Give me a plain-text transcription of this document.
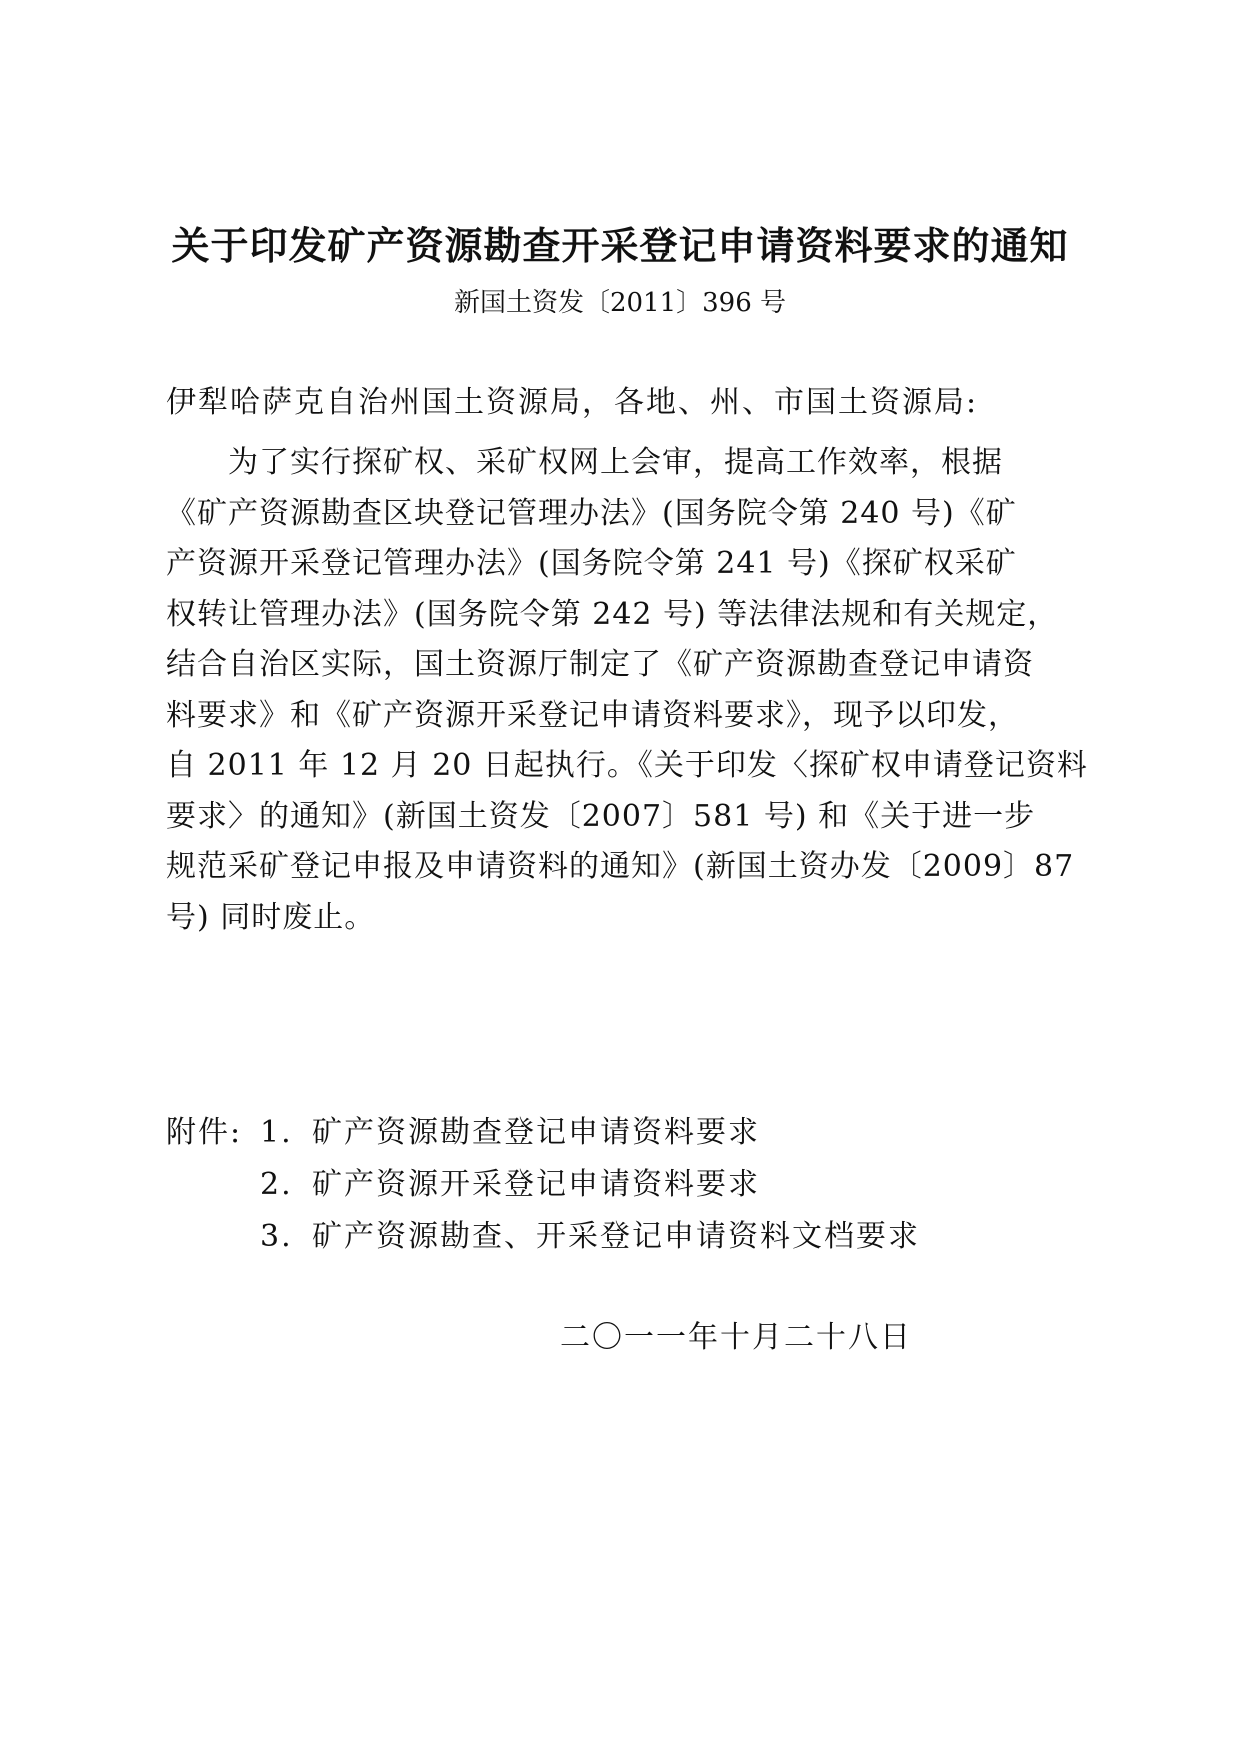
关于印发矿产资源勘查开采登记申请资料要求的通知
新国土资发〔2011〕396 号
伊犁哈萨克自治州国土资源局，各地、州、市国土资源局:
为了实行探矿权、采矿权网上会审，提高工作效率，根据
《矿产资源勘查区块登记管理办法》(国务院令第 240 号)《矿
产资源开采登记管理办法》(国务院令第 241 号)《探矿权采矿
权转让管理办法》(国务院令第 242 号) 等法律法规和有关规定，
结合自治区实际，国土资源厅制定了《矿产资源勘查登记申请资
料要求》和《矿产资源开采登记申请资料要求》，现予以印发，
自 2011 年 12 月 20 日起执行。《关于印发〈探矿权申请登记资料
要求〉的通知》(新国土资发〔2007〕581 号) 和《关于进一步
规范采矿登记申报及申请资料的通知》(新国土资办发〔2009〕87
号) 同时废止。
附件: 1. 矿产资源勘查登记申请资料要求
2. 矿产资源开采登记申请资料要求
3. 矿产资源勘查、开采登记申请资料文档要求
二〇一一年十月二十八日
